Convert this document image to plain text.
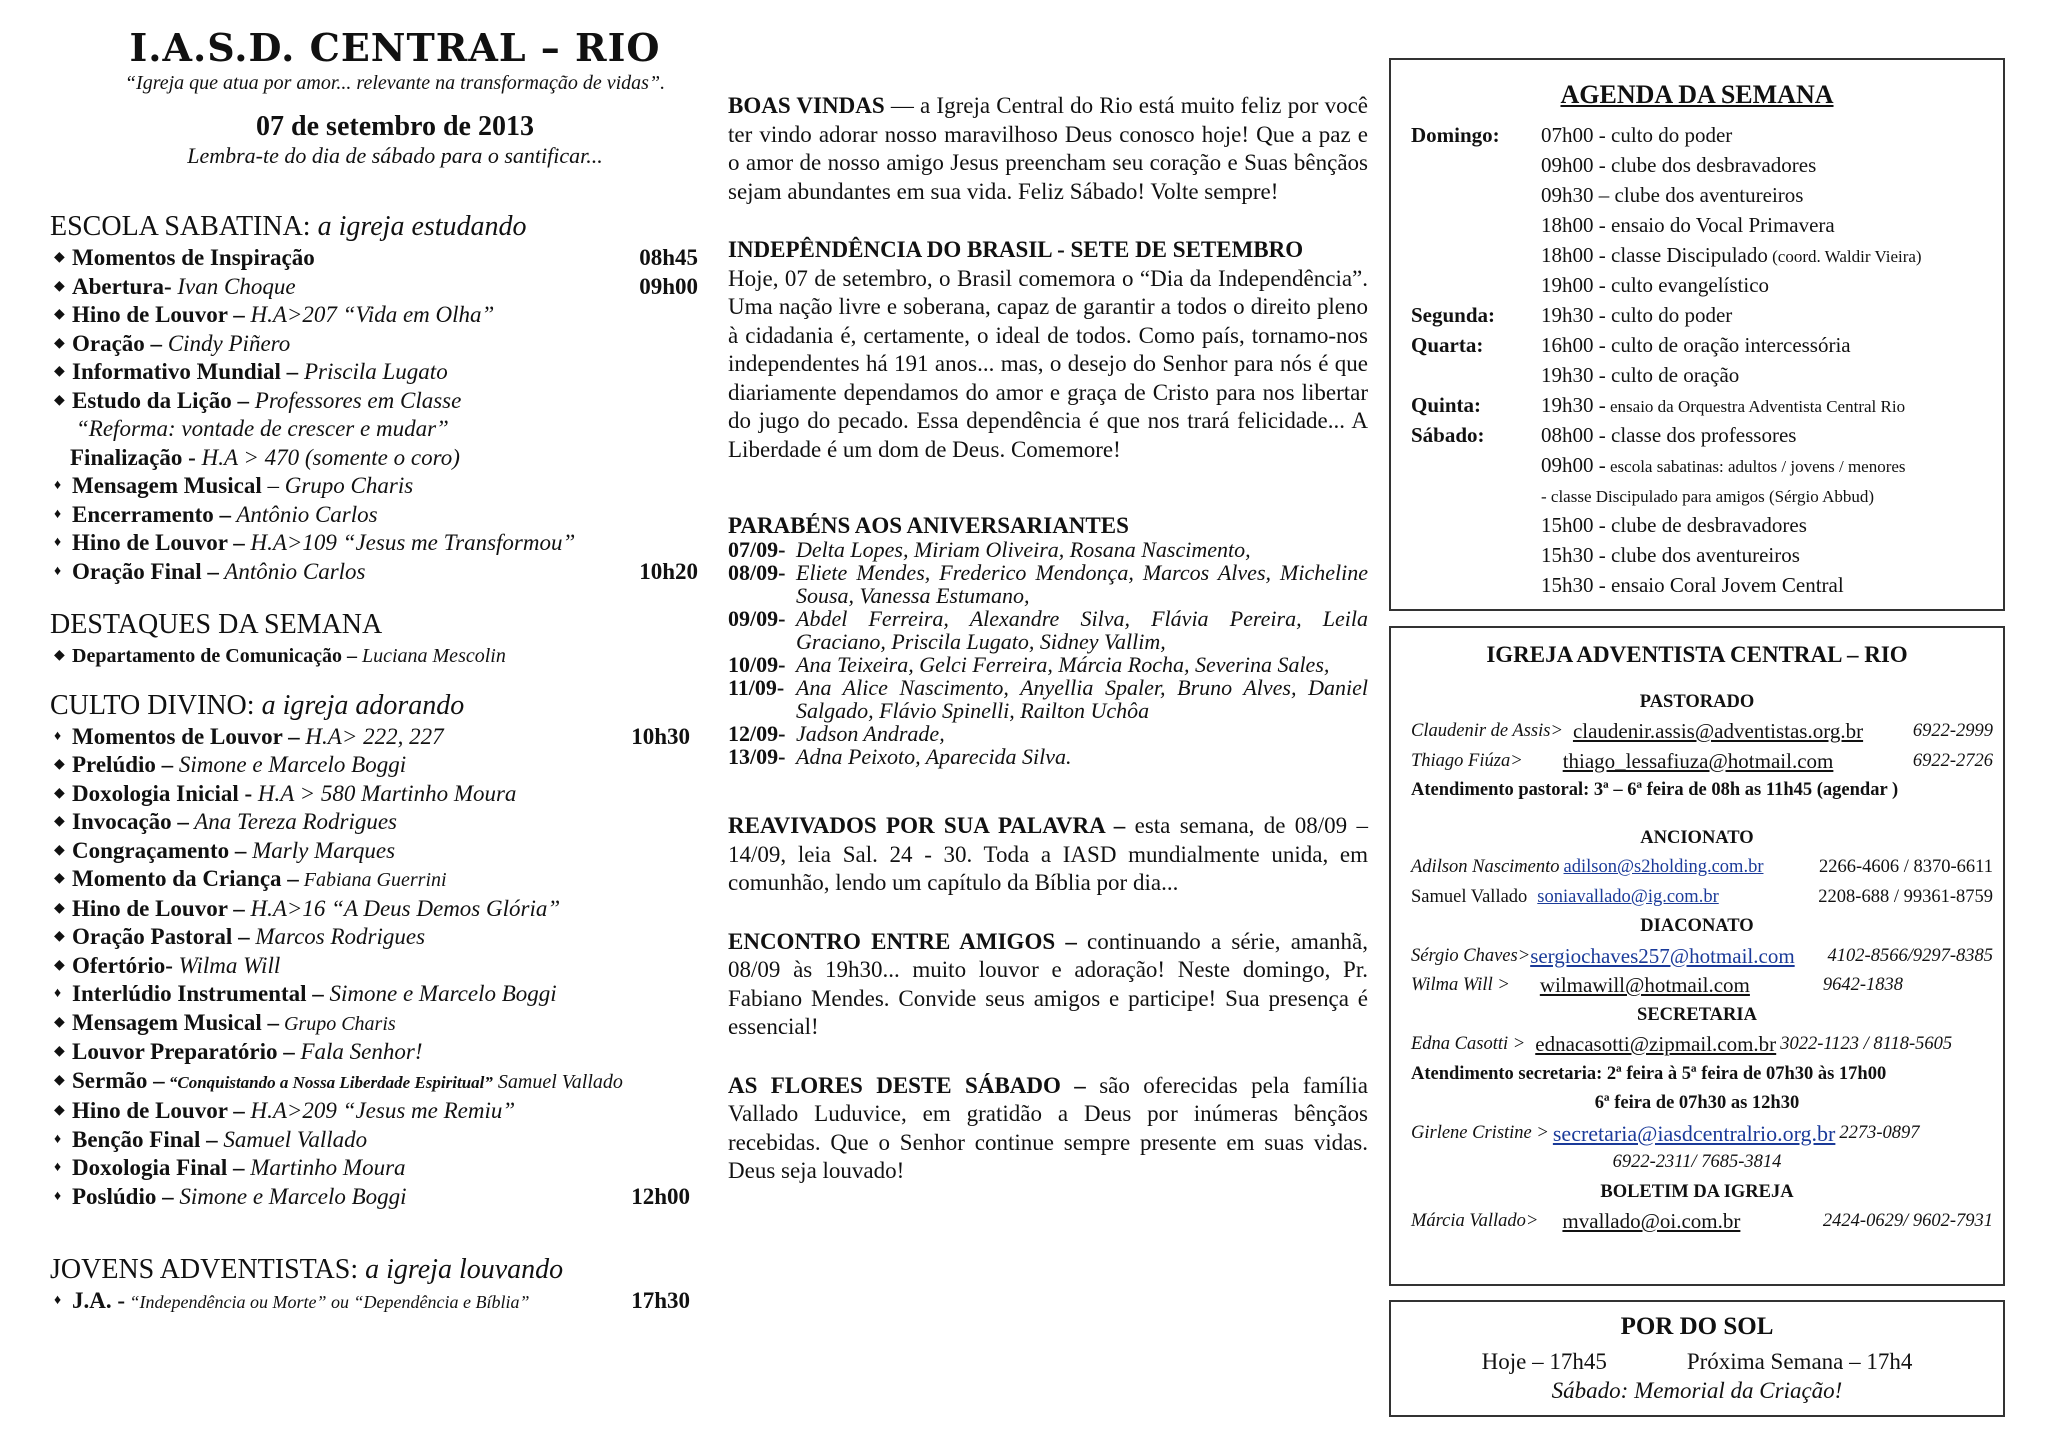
I.A.S.D. CENTRAL – RIO
“Igreja que atua por amor... relevante na transformação de vidas”.
07 de setembro de 2013
Lembra-te do dia de sábado para o santificar...
ESCOLA SABATINA: a igreja estudando
◆ Momentos de Inspiração	08h45
◆ Abertura- Ivan Choque	09h00
◆ Hino de Louvor – H.A>207 “Vida em Olha”
◆ Oração – Cindy Piñero
◆ Informativo Mundial – Priscila Lugato
◆ Estudo da Lição – Professores em Classe
“Reforma: vontade de crescer e mudar”
Finalização - H.A > 470 (somente o coro)
♦ Mensagem Musical – Grupo Charis
♦ Encerramento – Antônio Carlos
♦ Hino de Louvor – H.A>109 “Jesus me Transformou”
♦ Oração Final – Antônio Carlos	10h20
DESTAQUES DA SEMANA
◆ Departamento de Comunicação – Luciana Mescolin
CULTO DIVINO: a igreja adorando
♦ Momentos de Louvor – H.A> 222, 227	10h30
◆ Prelúdio – Simone e Marcelo Boggi
◆ Doxologia Inicial - H.A > 580 Martinho Moura
◆ Invocação – Ana Tereza Rodrigues
◆ Congraçamento – Marly Marques
◆ Momento da Criança – Fabiana Guerrini
◆ Hino de Louvor – H.A>16 “A Deus Demos Glória”
◆ Oração Pastoral – Marcos Rodrigues
◆ Ofertório- Wilma Will
♦ Interlúdio Instrumental – Simone e Marcelo Boggi
◆ Mensagem Musical – Grupo Charis
◆ Louvor Preparatório – Fala Senhor!
◆ Sermão – “Conquistando a Nossa Liberdade Espiritual” Samuel Vallado
◆ Hino de Louvor – H.A>209 “Jesus me Remiu”
♦ Benção Final – Samuel Vallado
♦ Doxologia Final – Martinho Moura
♦ Poslúdio – Simone e Marcelo Boggi	12h00
JOVENS ADVENTISTAS: a igreja louvando
♦ J.A. - “Independência ou Morte” ou “Dependência e Bíblia”	17h30

BOAS VINDAS — a Igreja Central do Rio está muito feliz por você ter vindo adorar nosso maravilhoso Deus conosco hoje! Que a paz e o amor de nosso amigo Jesus preencham seu coração e Suas bênçãos sejam abundantes em sua vida. Feliz Sábado! Volte sempre!

INDEPÊNDÊNCIA DO BRASIL - SETE DE SETEMBRO

Hoje, 07 de setembro, o Brasil comemora o “Dia da Independência”. Uma nação livre e soberana, capaz de garantir a todos o direito pleno à cidadania é, certamente, o ideal de todos. Como país, tornamo-nos independentes há 191 anos... mas, o desejo do Senhor para nós é que diariamente dependamos do amor e graça de Cristo para nos libertar do jugo do pecado. Essa dependência é que nos trará felicidade... A Liberdade é um dom de Deus. Comemore!

PARABÉNS AOS ANIVERSARIANTES

07/09- Delta Lopes, Miriam Oliveira, Rosana Nascimento,
08/09- Eliete Mendes, Frederico Mendonça, Marcos Alves, Micheline Sousa, Vanessa Estumano,
09/09- Abdel Ferreira, Alexandre Silva, Flávia Pereira, Leila Graciano, Priscila Lugato, Sidney Vallim,
10/09- Ana Teixeira, Gelci Ferreira, Márcia Rocha, Severina Sales,
11/09- Ana Alice Nascimento, Anyellia Spaler, Bruno Alves, Daniel Salgado, Flávio Spinelli, Railton Uchôa
12/09- Jadson Andrade,
13/09- Adna Peixoto, Aparecida Silva.

REAVIVADOS POR SUA PALAVRA – esta semana, de 08/09 – 14/09, leia Sal. 24 - 30. Toda a IASD mundialmente unida, em comunhão, lendo um capítulo da Bíblia por dia...

ENCONTRO ENTRE AMIGOS – continuando a série, amanhã, 08/09 às 19h30... muito louvor e adoração! Neste domingo, Pr. Fabiano Mendes. Convide seus amigos e participe! Sua presença é essencial!

AS FLORES DESTE SÁBADO – são oferecidas pela família Vallado Luduvice, em gratidão a Deus por inúmeras bênçãos recebidas. Que o Senhor continue sempre presente em suas vidas. Deus seja louvado!

AGENDA DA SEMANA
Domingo:	07h00 - culto do poder
09h00 - clube dos desbravadores
09h30 – clube dos aventureiros
18h00 - ensaio do Vocal Primavera
18h00 - classe Discipulado (coord. Waldir Vieira)
19h00 - culto evangelístico
Segunda:	19h30 - culto do poder
Quarta:	16h00 - culto de oração intercessória
19h30 - culto de oração
Quinta:	19h30 - ensaio da Orquestra Adventista Central Rio
Sábado:	08h00 - classe dos professores
09h00 - escola sabatinas: adultos / jovens / menores
- classe Discipulado para amigos (Sérgio Abbud)
15h00 - clube de desbravadores
15h30 - clube dos aventureiros
15h30 - ensaio Coral Jovem Central
IGREJA ADVENTISTA CENTRAL – RIO
PASTORADO
Claudenir de Assis> claudenir.assis@adventistas.org.br	6922-2999
Thiago Fiúza> thiago_lessafiuza@hotmail.com	6922-2726
Atendimento pastoral: 3ª – 6ª feira de 08h as 11h45 (agendar )
ANCIONATO
Adilson Nascimento adilson@s2holding.com.br	2266-4606 / 8370-6611
Samuel Vallado soniavallado@ig.com.br	2208-688 / 99361-8759
DIACONATO
Sérgio Chaves> sergiochaves257@hotmail.com 4102-8566/9297-8385
Wilma Will > wilmawill@hotmail.com	9642-1838
SECRETARIA
Edna Casotti > ednacasotti@zipmail.com.br 3022-1123 / 8118-5605
Atendimento secretaria: 2ª feira à 5ª feira de 07h30 às 17h00
6ª feira de 07h30 as 12h30
Girlene Cristine > secretaria@iasdcentralrio.org.br 2273-0897
6922-2311/ 7685-3814
BOLETIM DA IGREJA
Márcia Vallado> mvallado@oi.com.br	2424-0629/ 9602-7931
POR DO SOL
Hoje – 17h45	Próxima Semana – 17h4
Sábado: Memorial da Criação!
